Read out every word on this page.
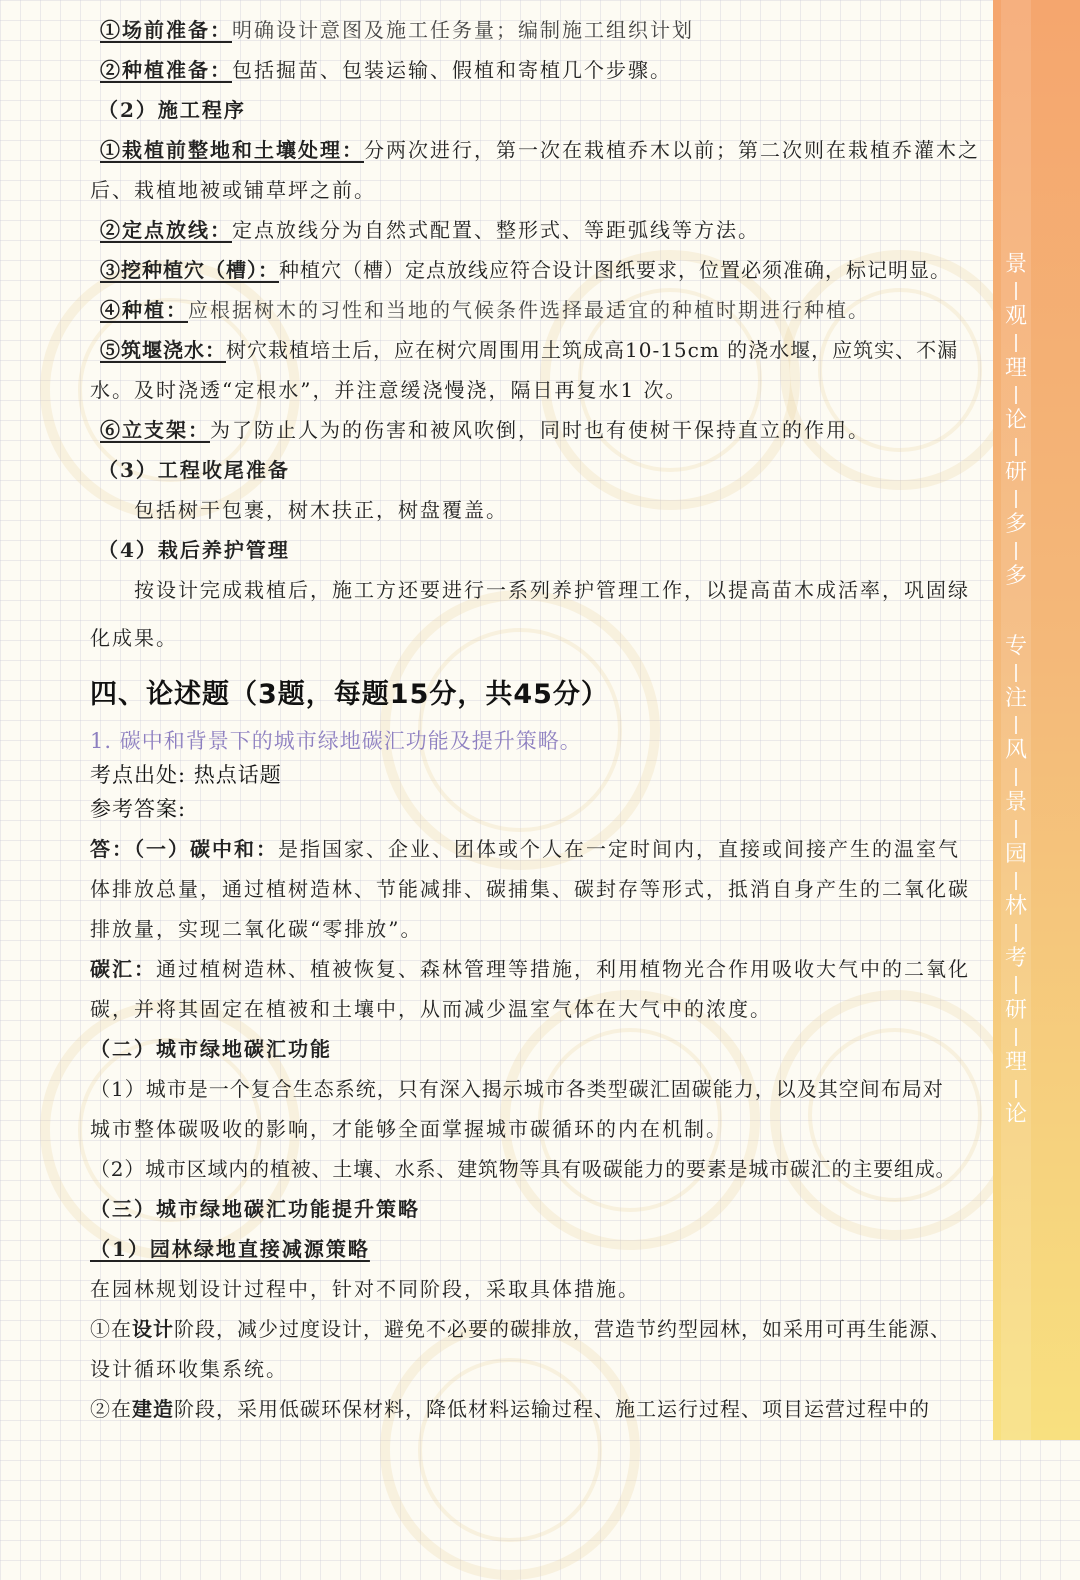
景
观
理
论
研
多
多
专
注
风
景
园
林
考
研
理
论
①场前准备：明确设计意图及施工任务量；编制施工组织计划
②种植准备：包括掘苗、包装运输、假植和寄植几个步骤。
（2）施工程序
①栽植前整地和土壤处理：分两次进行，第一次在栽植乔木以前；第二次则在栽植乔灌木之
后、栽植地被或铺草坪之前。
②定点放线：定点放线分为自然式配置、整形式、等距弧线等方法。
③挖种植穴（槽）：种植穴（槽）定点放线应符合设计图纸要求，位置必须准确，标记明显。
④种植：应根据树木的习性和当地的气候条件选择最适宜的种植时期进行种植。
⑤筑堰浇水：树穴栽植培土后，应在树穴周围用土筑成高10-15cm 的浇水堰，应筑实、不漏
水。及时浇透“定根水”，并注意缓浇慢浇，隔日再复水1 次。
⑥立支架：为了防止人为的伤害和被风吹倒，同时也有使树干保持直立的作用。
（3）工程收尾准备
包括树干包裹，树木扶正，树盘覆盖。
（4）栽后养护管理
按设计完成栽植后，施工方还要进行一系列养护管理工作，以提高苗木成活率，巩固绿
化成果。
四、论述题（3题，每题15分，共45分）
1. 碳中和背景下的城市绿地碳汇功能及提升策略。
考点出处: 热点话题
参考答案:
答：（一）碳中和：是指国家、企业、团体或个人在一定时间内，直接或间接产生的温室气
体排放总量，通过植树造林、节能减排、碳捕集、碳封存等形式，抵消自身产生的二氧化碳
排放量，实现二氧化碳“零排放”。
碳汇：通过植树造林、植被恢复、森林管理等措施，利用植物光合作用吸收大气中的二氧化
碳，并将其固定在植被和土壤中，从而减少温室气体在大气中的浓度。
（二）城市绿地碳汇功能
（1）城市是一个复合生态系统，只有深入揭示城市各类型碳汇固碳能力，以及其空间布局对
城市整体碳吸收的影响，才能够全面掌握城市碳循环的内在机制。
（2）城市区域内的植被、土壤、水系、建筑物等具有吸碳能力的要素是城市碳汇的主要组成。
（三）城市绿地碳汇功能提升策略
（1）园林绿地直接减源策略
在园林规划设计过程中，针对不同阶段，采取具体措施。
①在设计阶段，减少过度设计，避免不必要的碳排放，营造节约型园林，如采用可再生能源、
设计循环收集系统。
②在建造阶段，采用低碳环保材料，降低材料运输过程、施工运行过程、项目运营过程中的
